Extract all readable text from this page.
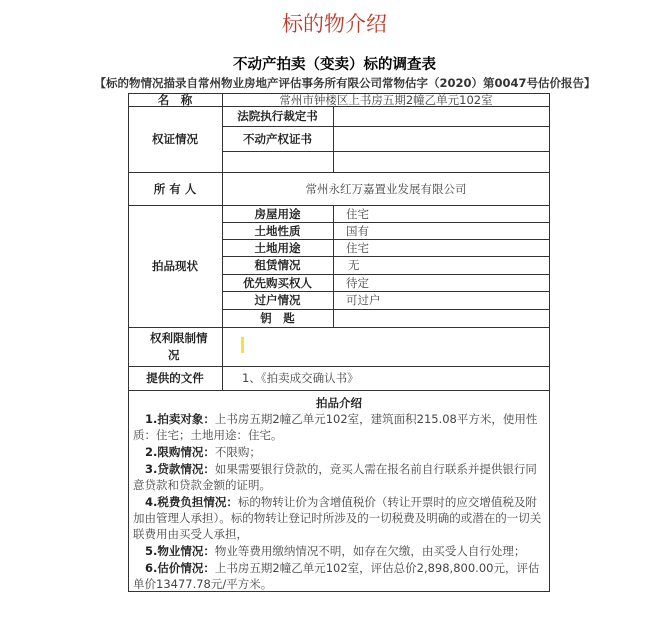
标的物介绍
不动产拍卖（变卖）标的调查表
【标的物情况描录自常州物业房地产评估事务所有限公司常物估字（2020）第0047号估价报告】
名　称	常州市钟楼区上书房五期2幢乙单元102室
权证情况
法院执行裁定书
不动产权证书
所 有 人	常州永红万嘉置业发展有限公司
拍品现状
房屋用途	住宅
土地性质	国有
土地用途	住宅
租赁情况	无
优先购买权人	待定
过户情况	可过户
钥　匙
权利限制情
况
提供的文件	1、《拍卖成交确认书》
拍品介绍

1.拍卖对象：上书房五期2幢乙单元102室，建筑面积215.08平方米，使用性质：住宅；土地用途：住宅。

2.限购情况：不限购；

3.贷款情况：如果需要银行贷款的，竞买人需在报名前自行联系并提供银行同意贷款和贷款金额的证明。

4.税费负担情况：标的物转让价为含增值税价（转让开票时的应交增值税及附加由管理人承担）。标的物转让登记时所涉及的一切税费及明确的或潜在的一切关联费用由买受人承担，

5.物业情况：物业等费用缴纳情况不明，如存在欠缴，由买受人自行处理；

6.估价情况：上书房五期2幢乙单元102室，评估总价2,898,800.00元，评估单价13477.78元/平方米。
